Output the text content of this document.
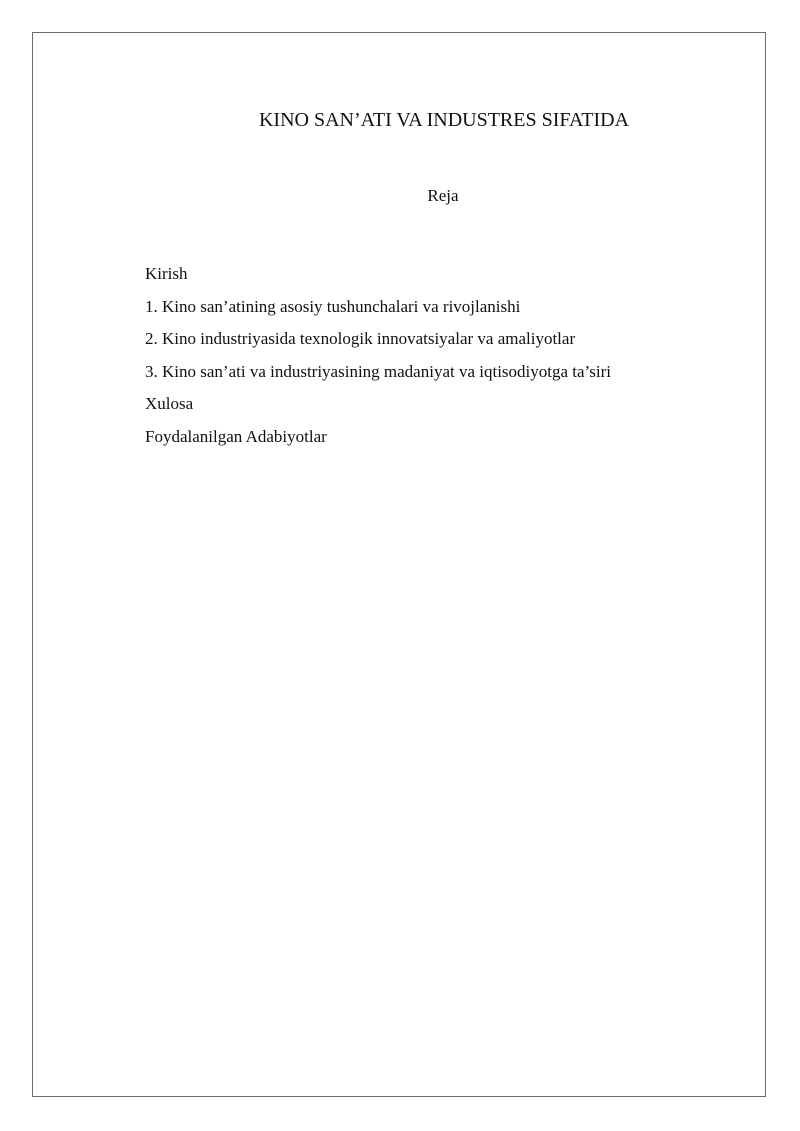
KINO SAN’ATI VA INDUSTRES SIFATIDA
Reja
Kirish
1. Kino san’atining asosiy tushunchalari va rivojlanishi
2. Kino industriyasida texnologik innovatsiyalar va amaliyotlar
3. Kino san’ati va industriyasining madaniyat va iqtisodiyotga ta’siri
Xulosa
Foydalanilgan Adabiyotlar
